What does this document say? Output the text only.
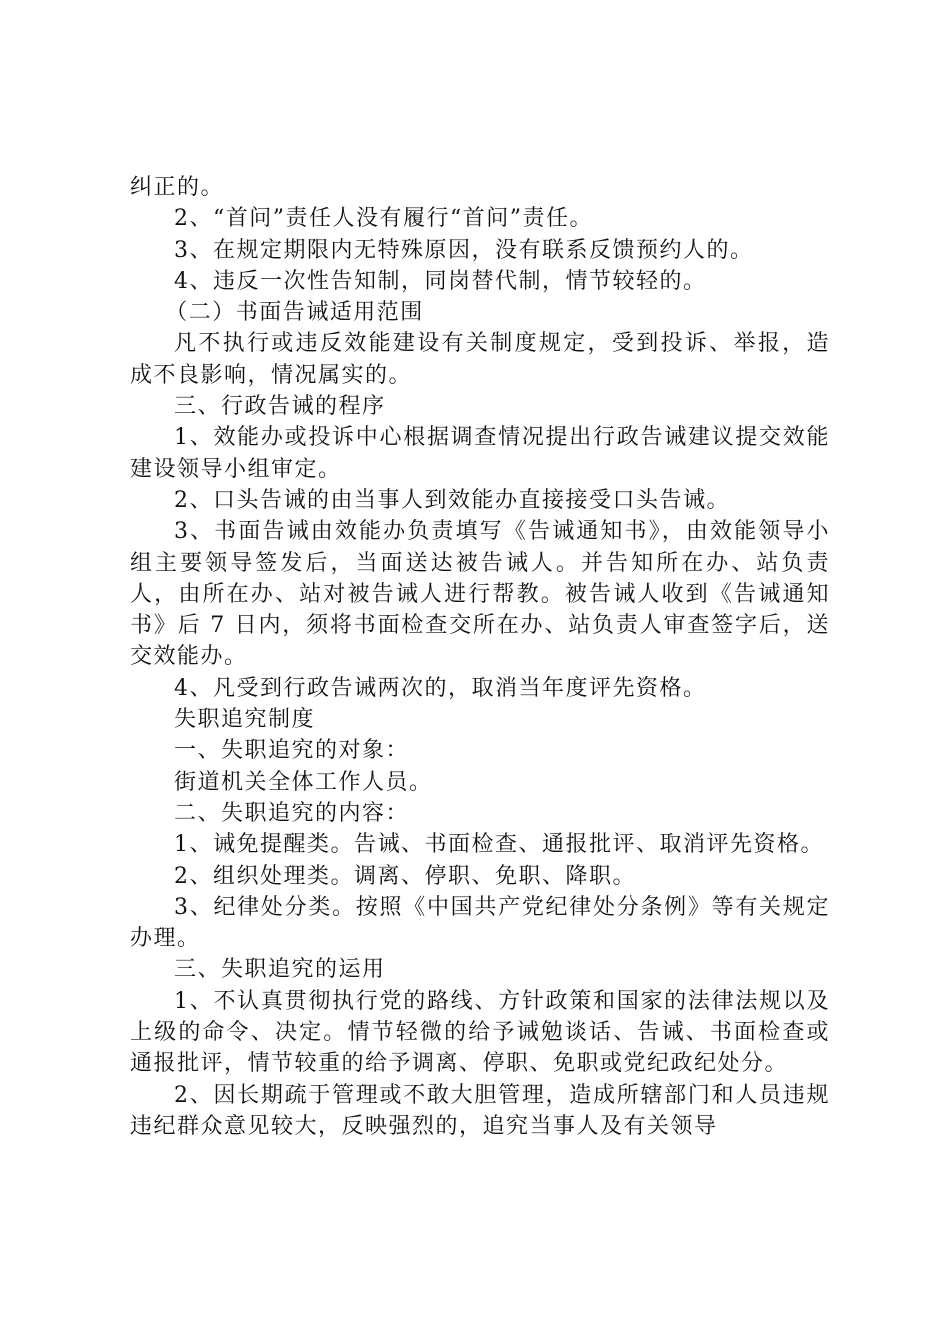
纠正的。

2、“首问”责任人没有履行“首问”责任。

3、在规定期限内无特殊原因，没有联系反馈预约人的。

4、违反一次性告知制，同岗替代制，情节较轻的。

（二）书面告诫适用范围

凡不执行或违反效能建设有关制度规定，受到投诉、举报，造成不良影响，情况属实的。

三、行政告诫的程序

1、效能办或投诉中心根据调查情况提出行政告诫建议提交效能建设领导小组审定。

2、口头告诫的由当事人到效能办直接接受口头告诫。

3、书面告诫由效能办负责填写《告诫通知书》，由效能领导小组主要领导签发后，当面送达被告诫人。并告知所在办、站负责人，由所在办、站对被告诫人进行帮教。被告诫人收到《告诫通知书》后 7 日内，须将书面检查交所在办、站负责人审查签字后，送交效能办。

4、凡受到行政告诫两次的，取消当年度评先资格。

失职追究制度

一、失职追究的对象：

街道机关全体工作人员。

二、失职追究的内容：

1、诫免提醒类。告诫、书面检查、通报批评、取消评先资格。

2、组织处理类。调离、停职、免职、降职。

3、纪律处分类。按照《中国共产党纪律处分条例》等有关规定办理。

三、失职追究的运用

1、不认真贯彻执行党的路线、方针政策和国家的法律法规以及上级的命令、决定。情节轻微的给予诫勉谈话、告诫、书面检查或通报批评，情节较重的给予调离、停职、免职或党纪政纪处分。

2、因长期疏于管理或不敢大胆管理，造成所辖部门和人员违规违纪群众意见较大，反映强烈的，追究当事人及有关领导
